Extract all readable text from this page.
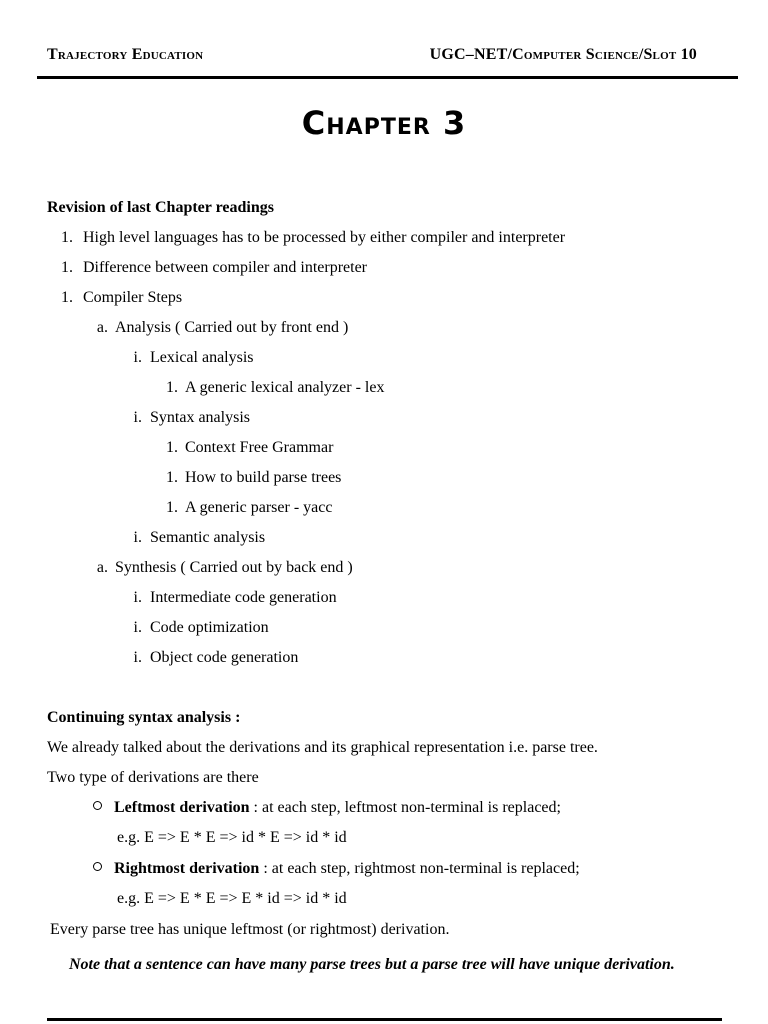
Trajectory Education	UGC–NET/Computer Science/Slot 10
Chapter 3
Revision of last Chapter readings
1. High level languages has to be processed by either compiler and interpreter
1. Difference between compiler and interpreter
1. Compiler Steps
a. Analysis ( Carried out by front end )
i. Lexical analysis
1. A generic lexical analyzer - lex
i. Syntax analysis
1. Context Free Grammar
1. How to build parse trees
1. A generic parser - yacc
i. Semantic analysis
a. Synthesis ( Carried out by back end )
i. Intermediate code generation
i. Code optimization
i. Object code generation
Continuing syntax analysis :
We already talked about the derivations and its graphical representation i.e. parse tree.
Two type of derivations are there
Leftmost derivation : at each step, leftmost non-terminal is replaced;
e.g. E => E * E => id * E => id * id
Rightmost derivation : at each step, rightmost non-terminal is replaced;
e.g. E => E * E => E * id => id * id
Every parse tree has unique leftmost (or rightmost) derivation.
Note that a sentence can have many parse trees but a parse tree will have unique derivation.
